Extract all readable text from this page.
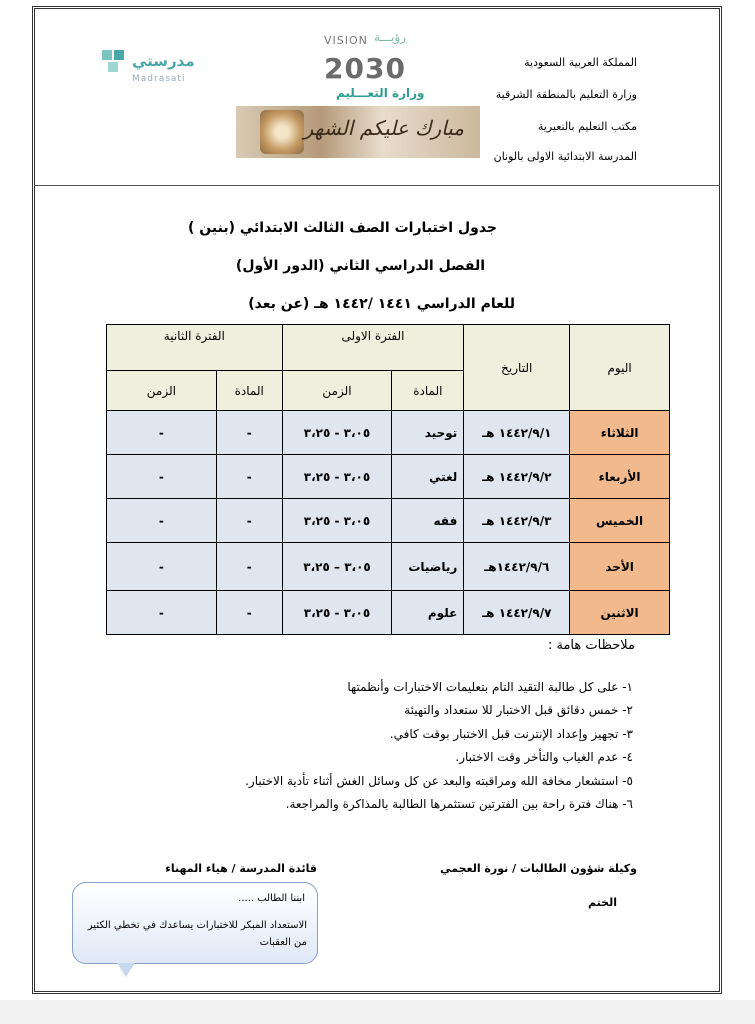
المملكة العربية السعودية
وزارة التعليم بالمنطقة الشرقية
مكتب التعليم بالنعيرية
المدرسة الابتدائية الاولى بالونان
مدرستي
Madrasati
VISION رؤيـــة
2030
وزارة التعـــليم
مبارك عليكم الشهر
جدول اختبارات الصف الثالث الابتدائي (بنين )
الفصل الدراسي الثاني (الدور الأول)
للعام الدراسي ١٤٤١ /١٤٤٢ هـ (عن بعد)
اليوم	التاريخ	الفترة الاولى		الفترة الثانية	
		المادة	الزمن	المادة	الزمن
الثلاثاء	١٤٤٢/٩/١ هـ	توحيد	٣،٠٥ - ٣،٢٥	-	-
الأربعاء	١٤٤٢/٩/٢ هـ	لغتي	٣،٠٥ - ٣،٢٥	-	-
الخميس	١٤٤٢/٩/٣ هـ	فقه	٣،٠٥ - ٣،٢٥	-	-
الأحد	١٤٤٢/٩/٦هـ	رياضيات	٣،٠٥ – ٣،٢٥	-	-
الاثنين	١٤٤٢/٩/٧ هـ	علوم	٣،٠٥ - ٣،٢٥	-	-
ملاحظات هامة :
١- على كل طالبة التقيد التام بتعليمات الاختبارات وأنظمتها
٢- خمس دقائق قبل الاختبار للا ستعداد والتهيئة
٣- تجهيز وإعداد الإنترنت قبل الاختبار بوقت كافي.
٤- عدم الغياب والتأخر وقت الاختبار.
٥- استشعار مخافة الله ومراقبته والبعد عن كل وسائل الغش أثناء تأدية الاختبار.
٦- هناك فترة راحة بين الفترتين تستثمرها الطالبة بالمذاكرة والمراجعة.
وكيلة شؤون الطالبات / نورة العجمي
قائدة المدرسة / هياء المهناء
الختم
ابننا الطالب .....
الاستعداد المبكر للاختبارات يساعدك في تخطي الكثير من العقبات
